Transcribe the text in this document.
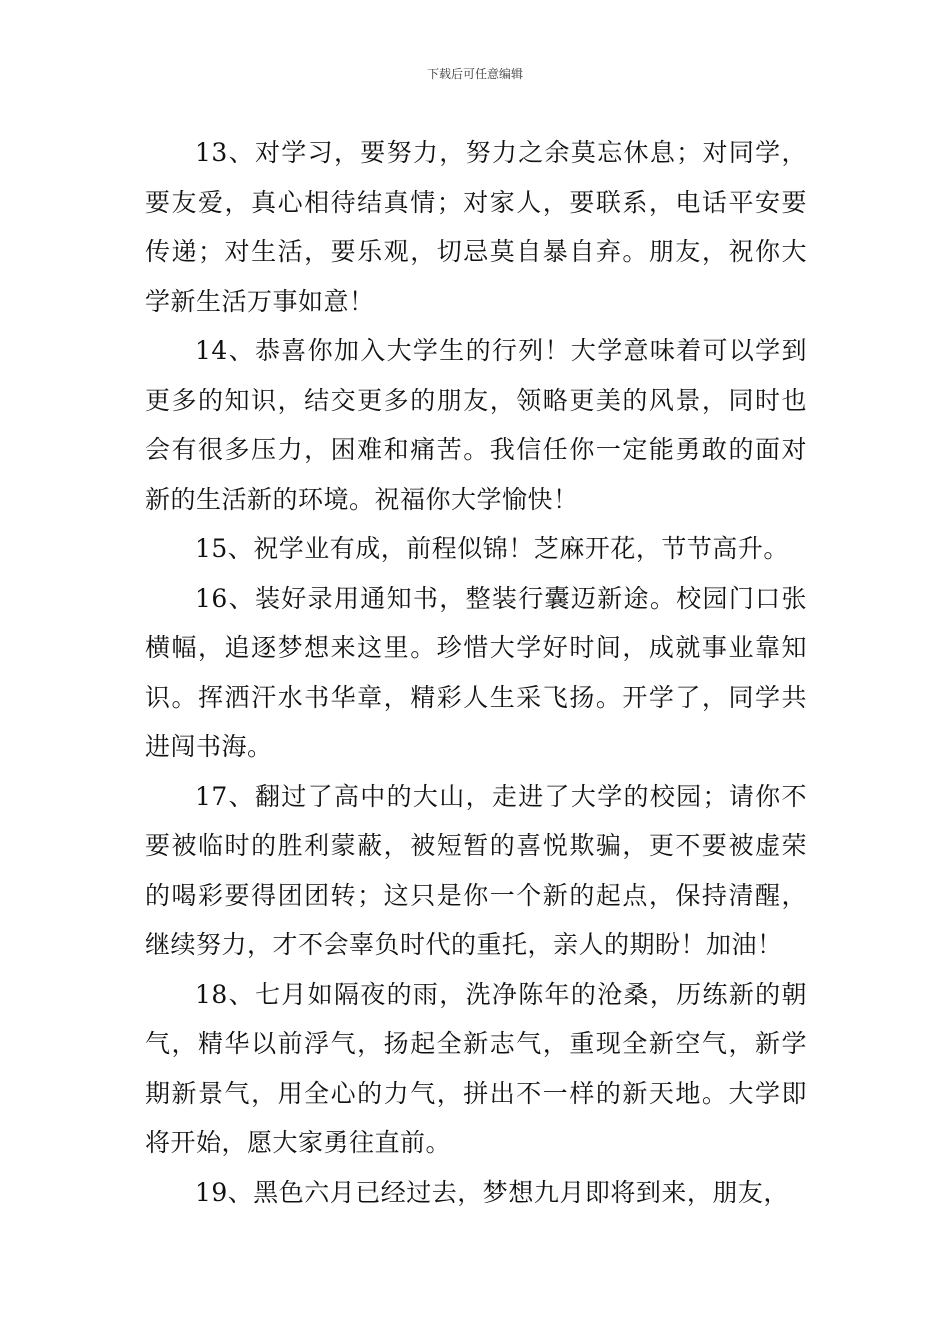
下载后可任意编辑

13、对学习，要努力，努力之余莫忘休息；对同学，要友爱，真心相待结真情；对家人，要联系，电话平安要传递；对生活，要乐观，切忌莫自暴自弃。朋友，祝你大学新生活万事如意！

14、恭喜你加入大学生的行列！大学意味着可以学到更多的知识，结交更多的朋友，领略更美的风景，同时也会有很多压力，困难和痛苦。我信任你一定能勇敢的面对新的生活新的环境。祝福你大学愉快！

15、祝学业有成，前程似锦！芝麻开花，节节高升。

16、装好录用通知书，整装行囊迈新途。校园门口张横幅，追逐梦想来这里。珍惜大学好时间，成就事业靠知识。挥洒汗水书华章，精彩人生采飞扬。开学了，同学共进闯书海。

17、翻过了高中的大山，走进了大学的校园；请你不要被临时的胜利蒙蔽，被短暂的喜悦欺骗，更不要被虚荣的喝彩要得团团转；这只是你一个新的起点，保持清醒，继续努力，才不会辜负时代的重托，亲人的期盼！加油！

18、七月如隔夜的雨，洗净陈年的沧桑，历练新的朝气，精华以前浮气，扬起全新志气，重现全新空气，新学期新景气，用全心的力气，拼出不一样的新天地。大学即将开始，愿大家勇往直前。

19、黑色六月已经过去，梦想九月即将到来，朋友，
